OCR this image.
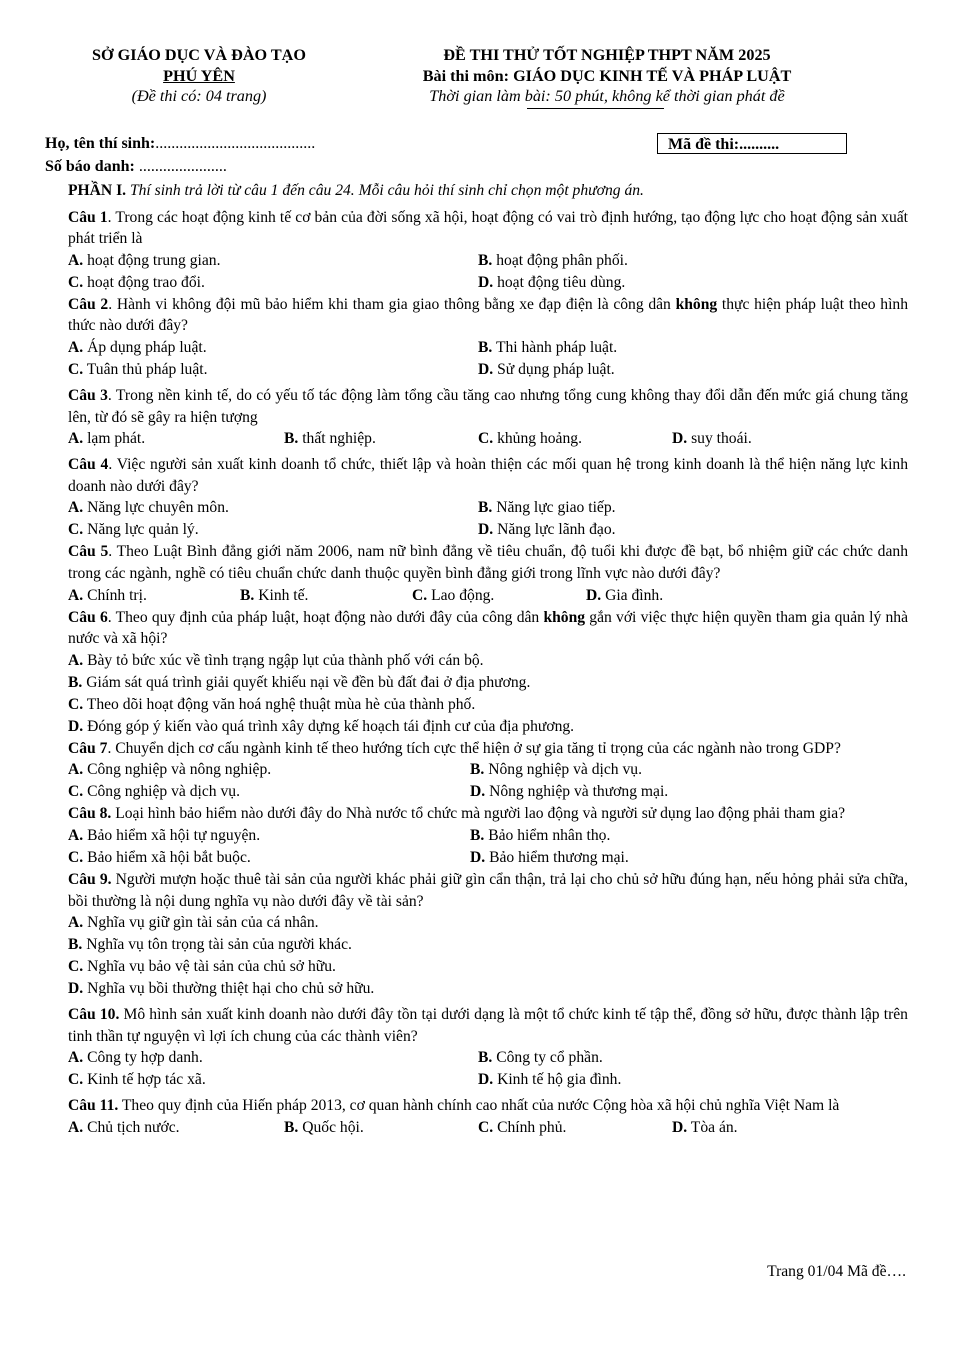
SỞ GIÁO DỤC VÀ ĐÀO TẠO
PHÚ YÊN
(Đề thi có: 04 trang)
ĐỀ THI THỬ TỐT NGHIỆP THPT NĂM 2025
Bài thi môn: GIÁO DỤC KINH TẾ VÀ PHÁP LUẬT
Thời gian làm bài: 50 phút, không kể thời gian phát đề
Họ, tên thí sinh:........................................	Mã đề thi:..........
Số báo danh: ......................
PHẦN I. Thí sinh trả lời từ câu 1 đến câu 24. Mỗi câu hỏi thí sinh chỉ chọn một phương án.

Câu 1. Trong các hoạt động kinh tế cơ bản của đời sống xã hội, hoạt động có vai trò định hướng, tạo động lực cho hoạt động sản xuất phát triển là

A. hoạt động trung gian.	B. hoạt động phân phối.
C. hoạt động trao đổi.	D. hoạt động tiêu dùng.

Câu 2. Hành vi không đội mũ bảo hiểm khi tham gia giao thông bằng xe đạp điện là công dân không thực hiện pháp luật theo hình thức nào dưới đây?

A. Áp dụng pháp luật.	B. Thi hành pháp luật.
C. Tuân thủ pháp luật.	D. Sử dụng pháp luật.

Câu 3. Trong nền kinh tế, do có yếu tố tác động làm tổng cầu tăng cao nhưng tổng cung không thay đổi dẫn đến mức giá chung tăng lên, từ đó sẽ gây ra hiện tượng

A. lạm phát.	B. thất nghiệp.	C. khủng hoảng.	D. suy thoái.

Câu 4. Việc người sản xuất kinh doanh tổ chức, thiết lập và hoàn thiện các mối quan hệ trong kinh doanh là thể hiện năng lực kinh doanh nào dưới đây?

A. Năng lực chuyên môn.	B. Năng lực giao tiếp.
C. Năng lực quản lý.	D. Năng lực lãnh đạo.

Câu 5. Theo Luật Bình đẳng giới năm 2006, nam nữ bình đẳng về tiêu chuẩn, độ tuổi khi được đề bạt, bổ nhiệm giữ các chức danh trong các ngành, nghề có tiêu chuẩn chức danh thuộc quyền bình đẳng giới trong lĩnh vực nào dưới đây?

A. Chính trị.	B. Kinh tế.	C. Lao động.	D. Gia đình.

Câu 6. Theo quy định của pháp luật, hoạt động nào dưới đây của công dân không gắn với việc thực hiện quyền tham gia quản lý nhà nước và xã hội?

A. Bày tỏ bức xúc về tình trạng ngập lụt của thành phố với cán bộ.
B. Giám sát quá trình giải quyết khiếu nại về đền bù đất đai ở địa phương.
C. Theo dõi hoạt động văn hoá nghệ thuật mùa hè của thành phố.
D. Đóng góp ý kiến vào quá trình xây dựng kế hoạch tái định cư của địa phương.

Câu 7. Chuyển dịch cơ cấu ngành kinh tế theo hướng tích cực thể hiện ở sự gia tăng tỉ trọng của các ngành nào trong GDP?

A. Công nghiệp và nông nghiệp.	B. Nông nghiệp và dịch vụ.
C. Công nghiệp và dịch vụ.	D. Nông nghiệp và thương mại.

Câu 8. Loại hình bảo hiểm nào dưới đây do Nhà nước tổ chức mà người lao động và người sử dụng lao động phải tham gia?

A. Bảo hiểm xã hội tự nguyện.	B. Bảo hiểm nhân thọ.
C. Bảo hiểm xã hội bắt buộc.	D. Bảo hiểm thương mại.

Câu 9. Người mượn hoặc thuê tài sản của người khác phải giữ gìn cẩn thận, trả lại cho chủ sở hữu đúng hạn, nếu hỏng phải sửa chữa, bồi thường là nội dung nghĩa vụ nào dưới đây về tài sản?

A. Nghĩa vụ giữ gìn tài sản của cá nhân.
B. Nghĩa vụ tôn trọng tài sản của người khác.
C. Nghĩa vụ bảo vệ tài sản của chủ sở hữu.
D. Nghĩa vụ bồi thường thiệt hại cho chủ sở hữu.

Câu 10. Mô hình sản xuất kinh doanh nào dưới đây tồn tại dưới dạng là một tổ chức kinh tế tập thể, đồng sở hữu, được thành lập trên tinh thần tự nguyện vì lợi ích chung của các thành viên?

A. Công ty hợp danh.	B. Công ty cổ phần.
C. Kinh tế hợp tác xã.	D. Kinh tế hộ gia đình.

Câu 11. Theo quy định của Hiến pháp 2013, cơ quan hành chính cao nhất của nước Cộng hòa xã hội chủ nghĩa Việt Nam là

A. Chủ tịch nước.	B. Quốc hội.	C. Chính phủ.	D. Tòa án.
Trang 01/04 Mã đề….
